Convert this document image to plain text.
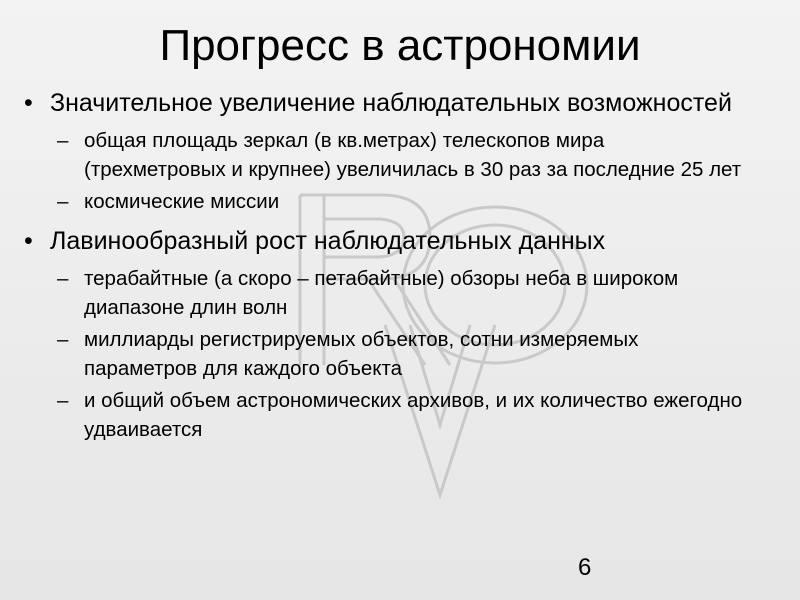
Прогресс в астрономии

• Значительное увеличение наблюдательных возможностей

– общая площадь зеркал (в кв.метрах) телескопов мира (трехметровых и крупнее) увеличилась в 30 раз за последние 25 лет

– космические миссии

• Лавинообразный рост наблюдательных данных

– терабайтные (а скоро – петабайтные) обзоры неба в широком диапазоне длин волн

– миллиарды регистрируемых объектов, сотни измеряемых параметров для каждого объекта

– и общий объем астрономических архивов, и их количество ежегодно удваивается

6
